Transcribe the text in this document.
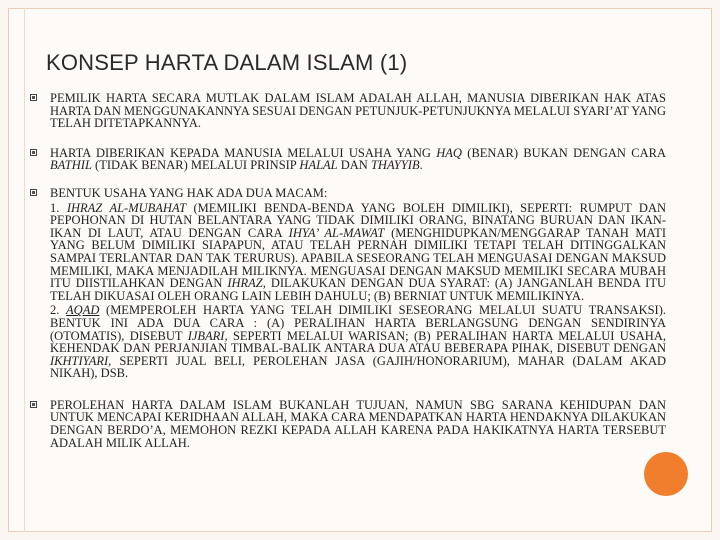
KONSEP HARTA DALAM ISLAM (1)

PEMILIK HARTA SECARA MUTLAK DALAM ISLAM ADALAH ALLAH, MANUSIA DIBERIKAN HAK ATAS HARTA DAN MENGGUNAKANNYA SESUAI DENGAN PETUNJUK-PETUNJUKNYA MELALUI SYARI’AT YANG TELAH DITETAPKANNYA.

HARTA DIBERIKAN KEPADA MANUSIA MELALUI USAHA YANG HAQ (BENAR) BUKAN DENGAN CARA BATHIL (TIDAK BENAR) MELALUI PRINSIP HALAL DAN THAYYIB.

BENTUK USAHA YANG HAK ADA DUA MACAM:

1. IHRAZ AL-MUBAHAT (MEMILIKI BENDA-BENDA YANG BOLEH DIMILIKI), SEPERTI: RUMPUT DAN PEPOHONAN DI HUTAN BELANTARA YANG TIDAK DIMILIKI ORANG, BINATANG BURUAN DAN IKAN-IKAN DI LAUT, ATAU DENGAN CARA IHYA’ AL-MAWAT (MENGHIDUPKAN/MENGGARAP TANAH MATI YANG BELUM DIMILIKI SIAPAPUN, ATAU TELAH PERNAH DIMILIKI TETAPI TELAH DITINGGALKAN SAMPAI TERLANTAR DAN TAK TERURUS). APABILA SESEORANG TELAH MENGUASAI DENGAN MAKSUD MEMILIKI, MAKA MENJADILAH MILIKNYA. MENGUASAI DENGAN MAKSUD MEMILIKI SECARA MUBAH ITU DIISTILAHKAN DENGAN IHRAZ, DILAKUKAN DENGAN DUA SYARAT: (A) JANGANLAH BENDA ITU TELAH DIKUASAI OLEH ORANG LAIN LEBIH DAHULU; (B) BERNIAT UNTUK MEMILIKINYA.

2. AQAD (MEMPEROLEH HARTA YANG TELAH DIMILIKI SESEORANG MELALUI SUATU TRANSAKSI). BENTUK INI ADA DUA CARA : (A) PERALIHAN HARTA BERLANGSUNG DENGAN SENDIRINYA (OTOMATIS), DISEBUT IJBARI, SEPERTI MELALUI WARISAN; (B) PERALIHAN HARTA MELALUI USAHA, KEHENDAK DAN PERJANJIAN TIMBAL-BALIK ANTARA DUA ATAU BEBERAPA PIHAK, DISEBUT DENGAN IKHTIYARI, SEPERTI JUAL BELI, PEROLEHAN JASA (GAJIH/HONORARIUM), MAHAR (DALAM AKAD NIKAH), DSB.

PEROLEHAN HARTA DALAM ISLAM BUKANLAH TUJUAN, NAMUN SBG SARANA KEHIDUPAN DAN UNTUK MENCAPAI KERIDHAAN ALLAH, MAKA CARA MENDAPATKAN HARTA HENDAKNYA DILAKUKAN DENGAN BERDO’A, MEMOHON REZKI KEPADA ALLAH KARENA PADA HAKIKATNYA HARTA TERSEBUT ADALAH MILIK ALLAH.
